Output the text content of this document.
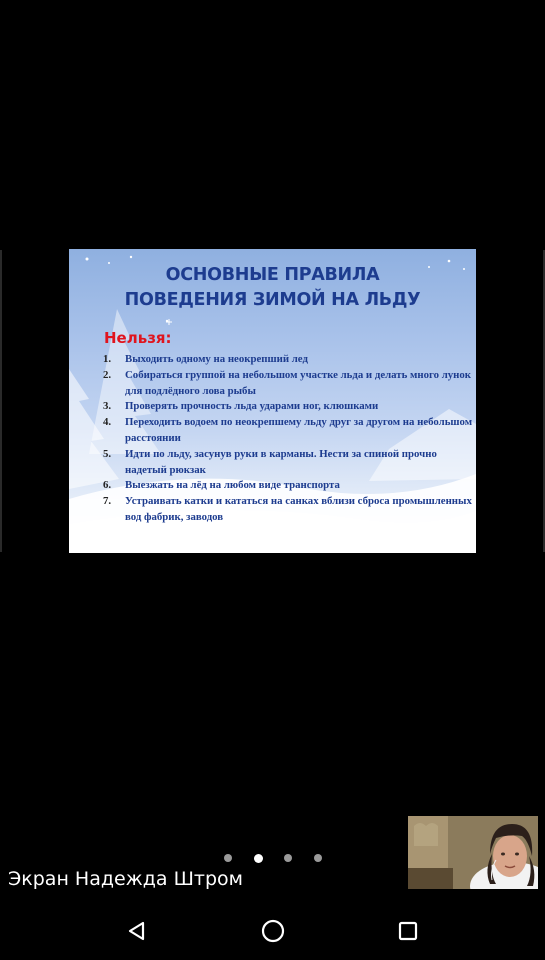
ОСНОВНЫЕ ПРАВИЛА
ПОВЕДЕНИЯ ЗИМОЙ НА ЛЬДУ
Нельзя:
1. Выходить одному на неокрепший лед
2. Собираться группой на небольшом участке льда и делать много лунок для подлёдного лова рыбы
3. Проверять прочность льда ударами ног, клюшками
4. Переходить водоем по неокрепшему льду друг за другом на небольшом расстоянии
5. Идти по льду, засунув руки в карманы. Нести за спиной прочно надетый рюкзак
6. Выезжать на лёд на любом виде транспорта
7. Устраивать катки и кататься на санках вблизи сброса промышленных вод фабрик, заводов
Экран Надежда Штром
